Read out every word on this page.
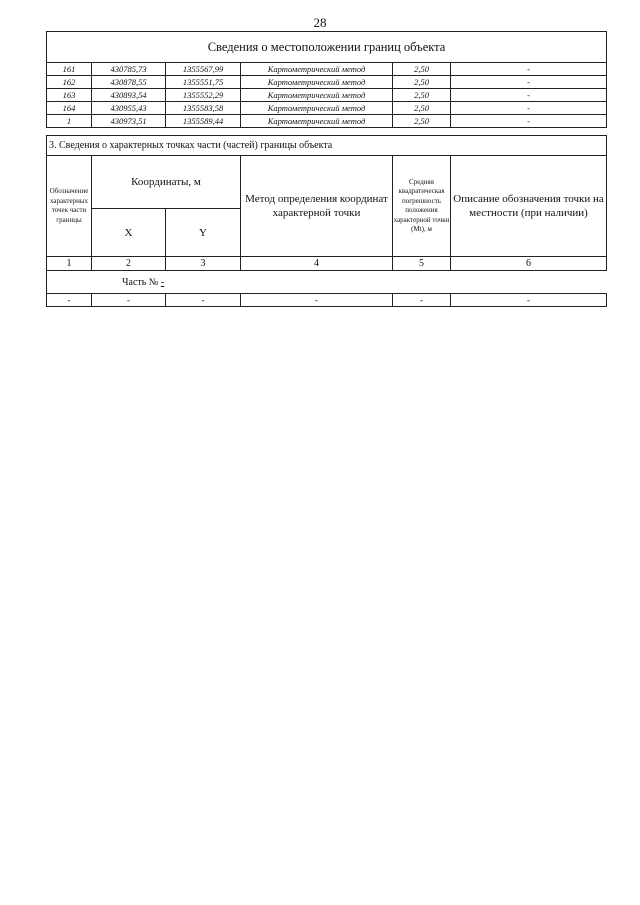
28
Сведения о местоположении границ объекта					
161	430785,73	1355567,99	Картометрический метод	2,50	-
162	430878,55	1355551,75	Картометрический метод	2,50	-
163	430893,54	1355552,29	Картометрический метод	2,50	-
164	430955,43	1355583,58	Картометрический метод	2,50	-
1	430973,51	1355589,44	Картометрический метод	2,50	-
3. Сведения о характерных точках части (частей) границы объекта					
Обозначение характерных точек части границы	Координаты, м		Метод определения координат характерной точки	Средняя квадратическая погрешность положения характерной точки (Mt), м	Описание обозначения точки на местности (при наличии)
	X	Y			
1	2	3	4	5	6
Часть № -					
-	-	-	-	-	-
